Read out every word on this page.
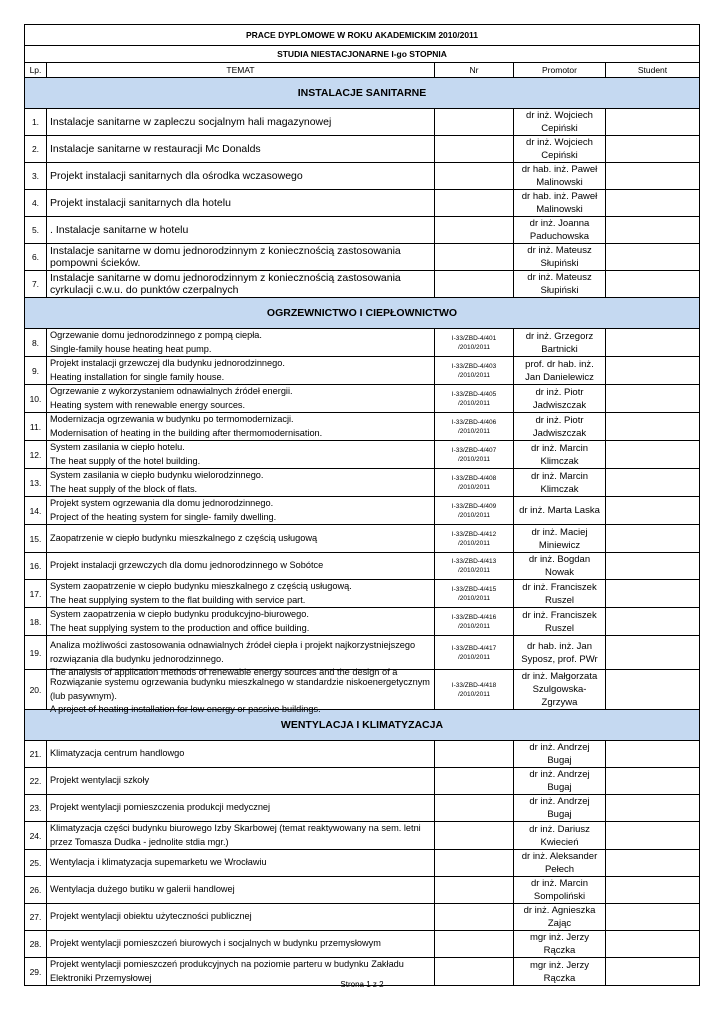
PRACE DYPLOMOWE W ROKU AKADEMICKIM 2010/2011				
STUDIA NIESTACJONARNE I-go STOPNIA				
Lp.	TEMAT	Nr	Promotor	Student
INSTALACJE SANITARNE				
1.	Instalacje sanitarne w zapleczu socjalnym hali magazynowej		dr inż. Wojciech Cepiński	
2.	Instalacje sanitarne w restauracji Mc Donalds		dr inż. Wojciech Cepiński	
3.	Projekt instalacji sanitarnych dla ośrodka wczasowego		dr hab. inż. Paweł Malinowski	
4.	Projekt instalacji sanitarnych dla hotelu		dr hab. inż. Paweł Malinowski	
5.	. Instalacje sanitarne w hotelu		dr inż. Joanna Paduchowska	
6.	Instalacje sanitarne w domu jednorodzinnym z koniecznością zastosowania pompowni ścieków.		dr inż. Mateusz Słupiński	
7.	Instalacje sanitarne w domu jednorodzinnym z koniecznością zastosowania cyrkulacji c.w.u. do punktów czerpalnych		dr inż. Mateusz Słupiński	
OGRZEWNICTWO I CIEPŁOWNICTWO				
8.	Ogrzewanie domu jednorodzinnego z pompą ciepła.
Single-family house heating heat pump.	I-33/ZBD-4/401 /2010/2011	dr inż. Grzegorz Bartnicki	
9.	Projekt instalacji grzewczej dla budynku jednorodzinnego.
Heating installation for single family house.	I-33/ZBD-4/403 /2010/2011	prof. dr hab. inż. Jan Danielewicz	
10.	Ogrzewanie z wykorzystaniem odnawialnych źródeł energii.
Heating system with renewable energy sources.	I-33/ZBD-4/405 /2010/2011	dr inż. Piotr Jadwiszczak	
11.	Modernizacja ogrzewania w budynku po termomodernizacji.
Modernisation of heating in the building after thermomodernisation.	I-33/ZBD-4/406 /2010/2011	dr inż. Piotr Jadwiszczak	
12.	System zasilania w ciepło hotelu.
The heat supply of the hotel building.	I-33/ZBD-4/407 /2010/2011	dr inż. Marcin Klimczak	
13.	System zasilania w ciepło budynku wielorodzinnego.
The heat supply of the block of flats.	I-33/ZBD-4/408 /2010/2011	dr inż. Marcin Klimczak	
14.	Projekt system ogrzewania dla domu jednorodzinnego.
Project of the heating system for single- family dwelling.	I-33/ZBD-4/409 /2010/2011	dr inż. Marta Laska	
15.	Zaopatrzenie w ciepło budynku mieszkalnego z częścią usługową	I-33/ZBD-4/412 /2010/2011	dr inż. Maciej Miniewicz	
16.	Projekt instalacji grzewczych dla domu jednorodzinnego w Sobótce	I-33/ZBD-4/413 /2010/2011	dr inż. Bogdan Nowak	
17.	System zaopatrzenie w ciepło budynku mieszkalnego z częścią usługową.
The heat supplying system to the flat building with service part.	I-33/ZBD-4/415 /2010/2011	dr inż. Franciszek Ruszel	
18.	System zaopatrzenia w ciepło budynku produkcyjno-biurowego.
The heat supplying system to the production and office building.	I-33/ZBD-4/416 /2010/2011	dr inż. Franciszek Ruszel	
19.	Analiza możliwości zastosowania odnawialnych źródeł ciepła i projekt najkorzystniejszego rozwiązania dla budynku jednorodzinnego.
The analysis of application methods of renewable energy sources and the design of a	I-33/ZBD-4/417 /2010/2011	dr hab. inż. Jan Syposz, prof. PWr	
20.	Rozwiązanie systemu ogrzewania budynku mieszkalnego w standardzie niskoenergetycznym (lub pasywnym).
A project of heating installation for low energy or passive buildings.	I-33/ZBD-4/418 /2010/2011	dr inż. Małgorzata Szulgowska-Zgrzywa	
WENTYLACJA I KLIMATYZACJA				
21.	Klimatyzacja centrum handlowgo		dr inż. Andrzej Bugaj	
22.	Projekt wentylacji szkoły		dr inż. Andrzej Bugaj	
23.	Projekt wentylacji pomieszczenia produkcji medycznej		dr inż. Andrzej Bugaj	
24.	Klimatyzacja części budynku biurowego Izby Skarbowej (temat reaktywowany na sem. letni przez Tomasza Dudka - jednolite stdia mgr.)		dr inż. Dariusz Kwiecień	
25.	Wentylacja i klimatyzacja supemarketu we Wrocławiu		dr inż. Aleksander Pełech	
26.	Wentylacja dużego butiku w galerii handlowej		dr inż. Marcin Sompoliński	
27.	Projekt wentylacji obiektu użyteczności publicznej		dr inż. Agnieszka Zając	
28.	Projekt wentylacji pomieszczeń biurowych i socjalnych w budynku przemysłowym		mgr inż. Jerzy Rączka	
29.	Projekt wentylacji pomieszczeń produkcyjnych na poziomie parteru w budynku Zakładu Elektroniki Przemysłowej		mgr inż. Jerzy Rączka	
Strona 1 z 2
